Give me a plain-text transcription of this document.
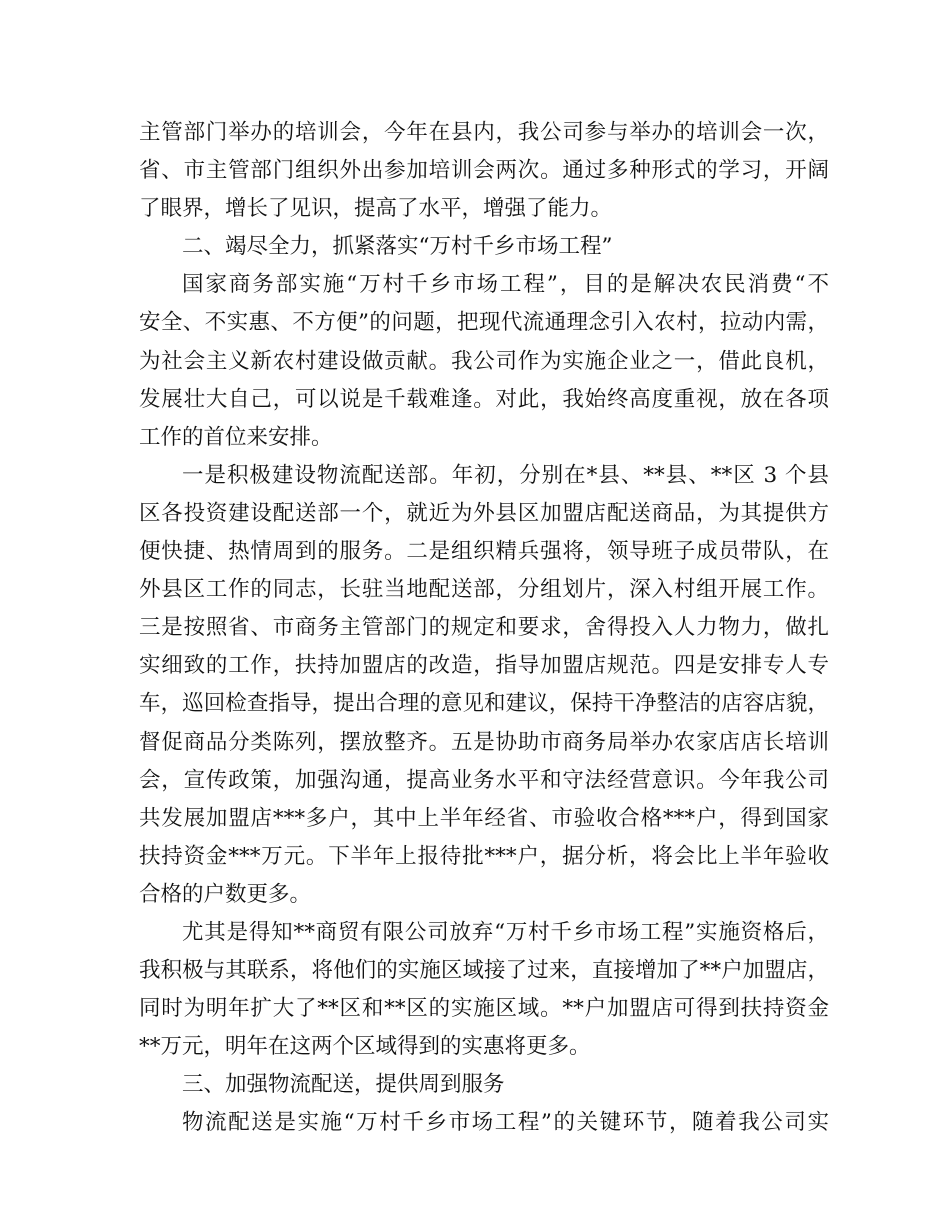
主管部门举办的培训会，今年在县内，我公司参与举办的培训会一次，
省、市主管部门组织外出参加培训会两次。通过多种形式的学习，开阔
了眼界，增长了见识，提高了水平，增强了能力。
二、竭尽全力，抓紧落实“万村千乡市场工程”
国家商务部实施“万村千乡市场工程”，目的是解决农民消费“不
安全、不实惠、不方便”的问题，把现代流通理念引入农村，拉动内需，
为社会主义新农村建设做贡献。我公司作为实施企业之一，借此良机，
发展壮大自己，可以说是千载难逢。对此，我始终高度重视，放在各项
工作的首位来安排。
一是积极建设物流配送部。年初，分别在*县、**县、**区 3 个县
区各投资建设配送部一个，就近为外县区加盟店配送商品，为其提供方
便快捷、热情周到的服务。二是组织精兵强将，领导班子成员带队，在
外县区工作的同志，长驻当地配送部，分组划片，深入村组开展工作。
三是按照省、市商务主管部门的规定和要求，舍得投入人力物力，做扎
实细致的工作，扶持加盟店的改造，指导加盟店规范。四是安排专人专
车，巡回检查指导，提出合理的意见和建议，保持干净整洁的店容店貌，
督促商品分类陈列，摆放整齐。五是协助市商务局举办农家店店长培训
会，宣传政策，加强沟通，提高业务水平和守法经营意识。今年我公司
共发展加盟店***多户，其中上半年经省、市验收合格***户，得到国家
扶持资金***万元。下半年上报待批***户，据分析，将会比上半年验收
合格的户数更多。
尤其是得知**商贸有限公司放弃“万村千乡市场工程”实施资格后，
我积极与其联系，将他们的实施区域接了过来，直接增加了**户加盟店，
同时为明年扩大了**区和**区的实施区域。**户加盟店可得到扶持资金
**万元，明年在这两个区域得到的实惠将更多。
三、加强物流配送，提供周到服务
物流配送是实施“万村千乡市场工程”的关键环节，随着我公司实
